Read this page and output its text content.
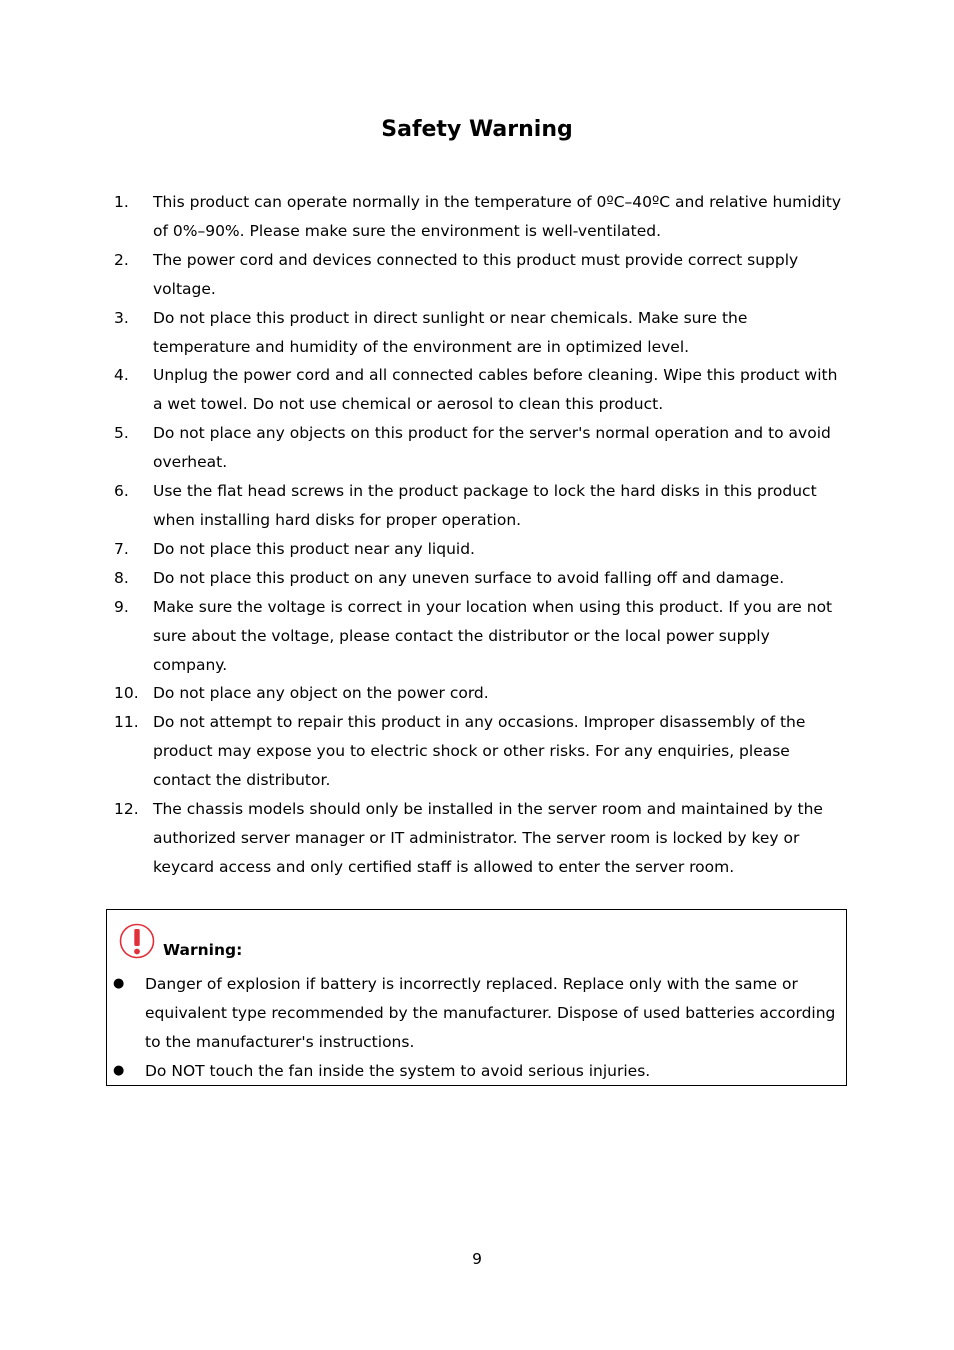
Safety Warning
1.	This product can operate normally in the temperature of 0ºC–40ºC and relative humidity of 0%–90%. Please make sure the environment is well-ventilated.
2.	The power cord and devices connected to this product must provide correct supply voltage.
3.	Do not place this product in direct sunlight or near chemicals. Make sure the temperature and humidity of the environment are in optimized level.
4.	Unplug the power cord and all connected cables before cleaning. Wipe this product with a wet towel. Do not use chemical or aerosol to clean this product.
5.	Do not place any objects on this product for the server's normal operation and to avoid overheat.
6.	Use the flat head screws in the product package to lock the hard disks in this product when installing hard disks for proper operation.
7.	Do not place this product near any liquid.
8.	Do not place this product on any uneven surface to avoid falling off and damage.
9.	Make sure the voltage is correct in your location when using this product. If you are not sure about the voltage, please contact the distributor or the local power supply company.
10. Do not place any object on the power cord.
11. Do not attempt to repair this product in any occasions. Improper disassembly of the product may expose you to electric shock or other risks. For any enquiries, please contact the distributor.
12. The chassis models should only be installed in the server room and maintained by the authorized server manager or IT administrator. The server room is locked by key or keycard access and only certified staff is allowed to enter the server room.
Warning:
●	Danger of explosion if battery is incorrectly replaced. Replace only with the same or equivalent type recommended by the manufacturer. Dispose of used batteries according to the manufacturer's instructions.
●	Do NOT touch the fan inside the system to avoid serious injuries.
9
